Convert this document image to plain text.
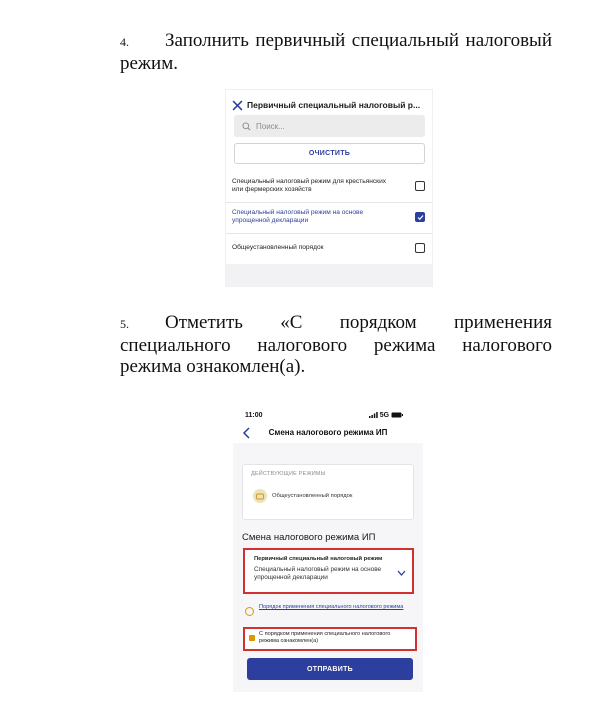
4. Заполнить первичный специальный налоговый режим.
Первичный специальный налоговый р...
Поиск...
ОЧИСТИТЬ
Специальный налоговый режим для крестьянских или фермерских хозяйств
Специальный налоговый режим на основе упрощенной декларации
Общеустановленный порядок
5. Отметить «С порядком применения специального налогового режима налогового режима ознакомлен(а).
11:00	5G
Смена налогового режима ИП
ДЕЙСТВУЮЩИЕ РЕЖИМЫ
Общеустановленный порядок
Смена налогового режима ИП
Первичный специальный налоговый режим
Специальный налоговый режим на основе упрощенной декларации
Порядок применения специального налогового режима
С порядком применения специального налогового режима ознакомлен(а)
ОТПРАВИТЬ
